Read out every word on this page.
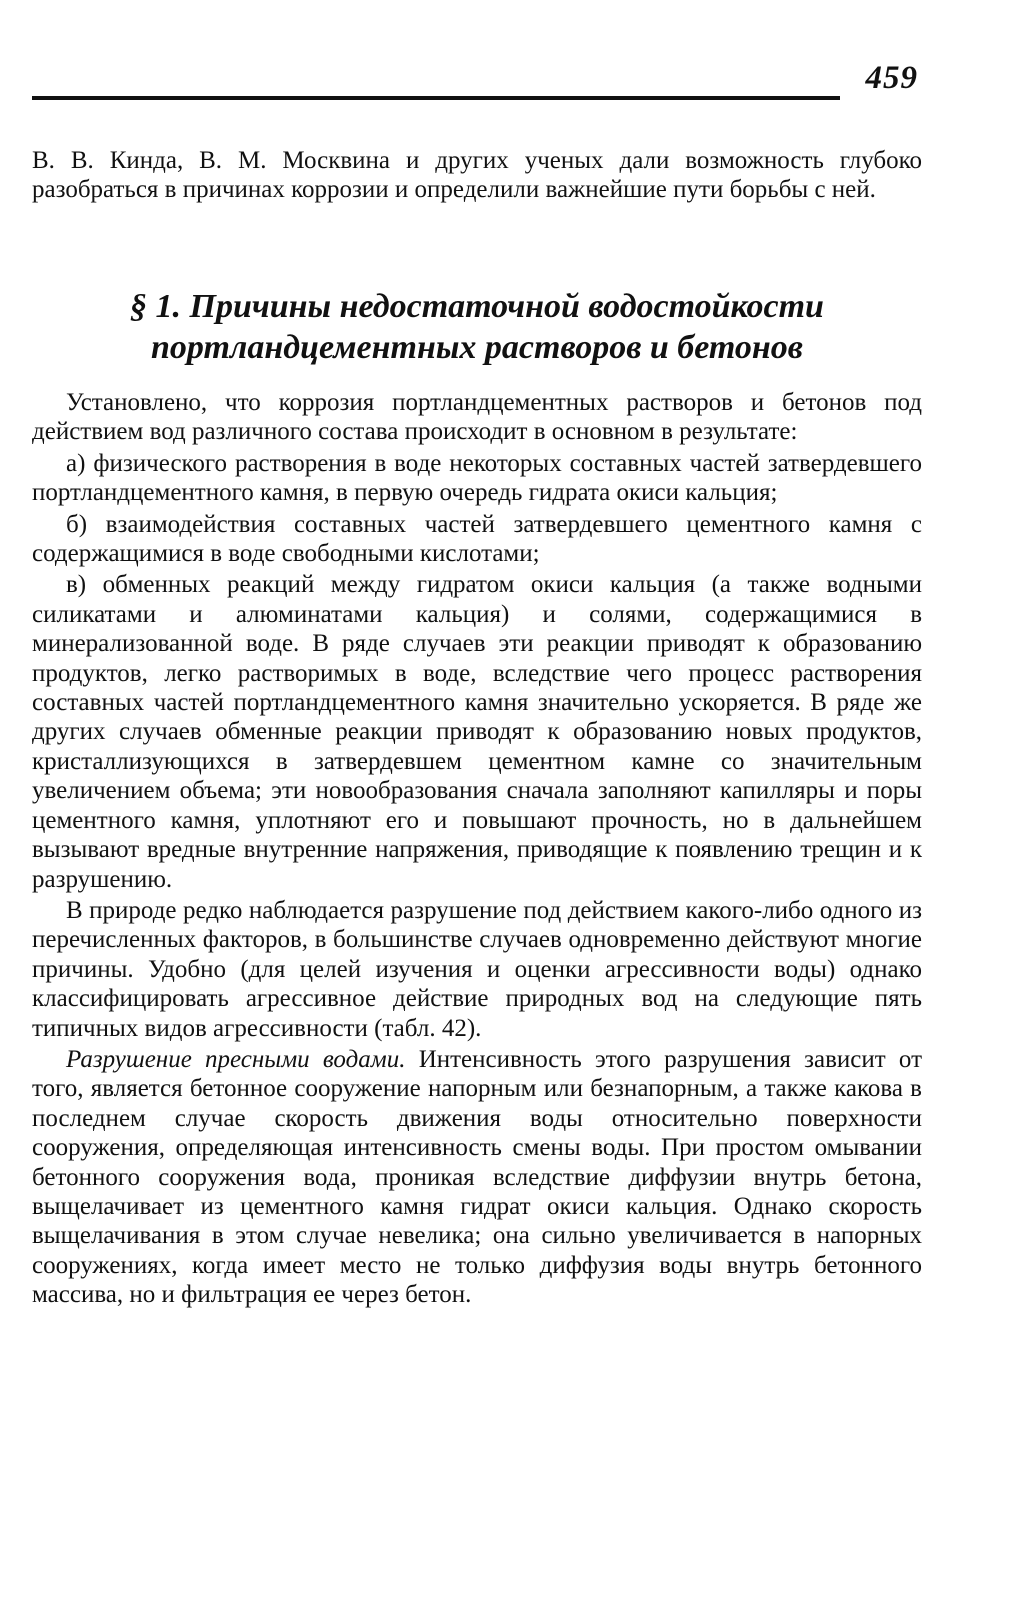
459
В. В. Кинда, В. М. Москвина и других ученых дали возможность глубоко разобраться в причинах коррозии и определили важнейшие пути борьбы с ней.
§ 1. Причины недостаточной водостойкости
портландцементных растворов и бетонов

Установлено, что коррозия портландцементных растворов и бетонов под действием вод различного состава происходит в основном в результате:

а) физического растворения в воде некоторых составных частей затвердевшего портландцементного камня, в первую очередь гидрата окиси кальция;

б) взаимодействия составных частей затвердевшего цементного камня с содержащимися в воде свободными кислотами;

в) обменных реакций между гидратом окиси кальция (а также водными силикатами и алюминатами кальция) и солями, содержащимися в минерализованной воде. В ряде случаев эти реакции приводят к образованию продуктов, легко растворимых в воде, вследствие чего процесс растворения составных частей портландцементного камня значительно ускоряется. В ряде же других случаев обменные реакции приводят к образованию новых продуктов, кристаллизующихся в затвердевшем цементном камне со значительным увеличением объема; эти новообразования сначала заполняют капилляры и поры цементного камня, уплотняют его и повышают прочность, но в дальнейшем вызывают вредные внутренние напряжения, приводящие к появлению трещин и к разрушению.

В природе редко наблюдается разрушение под действием какого-либо одного из перечисленных факторов, в большинстве случаев одновременно действуют многие причины. Удобно (для целей изучения и оценки агрессивности воды) однако классифицировать агрессивное действие природных вод на следующие пять типичных видов агрессивности (табл. 42).

Разрушение пресными водами. Интенсивность этого разрушения зависит от того, является бетонное сооружение напорным или безнапорным, а также какова в последнем случае скорость движения воды относительно поверхности сооружения, определяющая интенсивность смены воды. При простом омывании бетонного сооружения вода, проникая вследствие диффузии внутрь бетона, выщелачивает из цементного камня гидрат окиси кальция. Однако скорость выщелачивания в этом случае невелика; она сильно увеличивается в напорных сооружениях, когда имеет место не только диффузия воды внутрь бетонного массива, но и фильтрация ее через бетон.
